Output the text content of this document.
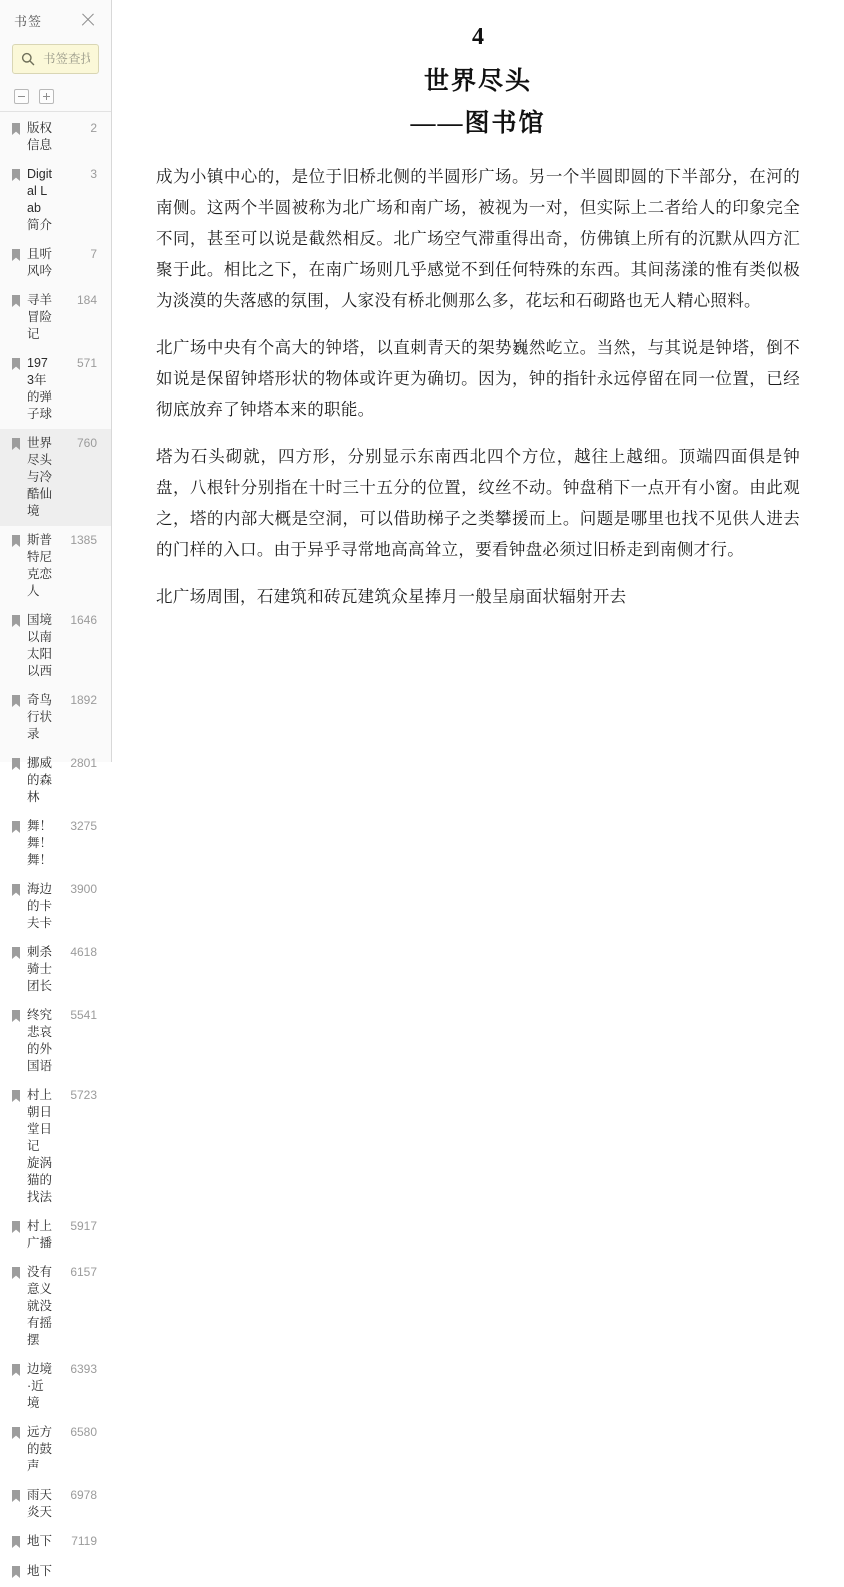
书签
书签查找
版权信息
2
Digital Lab简介
3
且听风吟
7
寻羊冒险记
184
1973年的弹子球
571
世界尽头与冷酷仙境
760
斯普特尼克恋人
1385
国境以南 太阳以西
1646
奇鸟行状录
1892
挪威的森林
2801
舞！舞！舞！
3275
海边的卡夫卡
3900
刺杀骑士团长
4618
终究悲哀的外国语
5541
村上朝日堂日记 旋涡猫的找法
5723
村上广播
5917
没有意义就没有摇摆
6157
边境·近境
6393
远方的鼓声
6580
雨天炎天
6978
地下	7119
地下
4
世界尽头
——图书馆

成为小镇中心的，是位于旧桥北侧的半圆形广场。另一个半圆即圆的下半部分，在河的南侧。这两个半圆被称为北广场和南广场，被视为一对，但实际上二者给人的印象完全不同，甚至可以说是截然相反。北广场空气滞重得出奇，仿佛镇上所有的沉默从四方汇聚于此。相比之下，在南广场则几乎感觉不到任何特殊的东西。其间荡漾的惟有类似极为淡漠的失落感的氛围，人家没有桥北侧那么多，花坛和石砌路也无人精心照料。

北广场中央有个高大的钟塔，以直刺青天的架势巍然屹立。当然，与其说是钟塔，倒不如说是保留钟塔形状的物体或许更为确切。因为，钟的指针永远停留在同一位置，已经彻底放弃了钟塔本来的职能。

塔为石头砌就，四方形，分别显示东南西北四个方位，越往上越细。顶端四面俱是钟盘，八根针分别指在十时三十五分的位置，纹丝不动。钟盘稍下一点开有小窗。由此观之，塔的内部大概是空洞，可以借助梯子之类攀援而上。问题是哪里也找不见供人进去的门样的入口。由于异乎寻常地高高耸立，要看钟盘必须过旧桥走到南侧才行。

北广场周围，石建筑和砖瓦建筑众星捧月一般呈扇面状辐射开去
